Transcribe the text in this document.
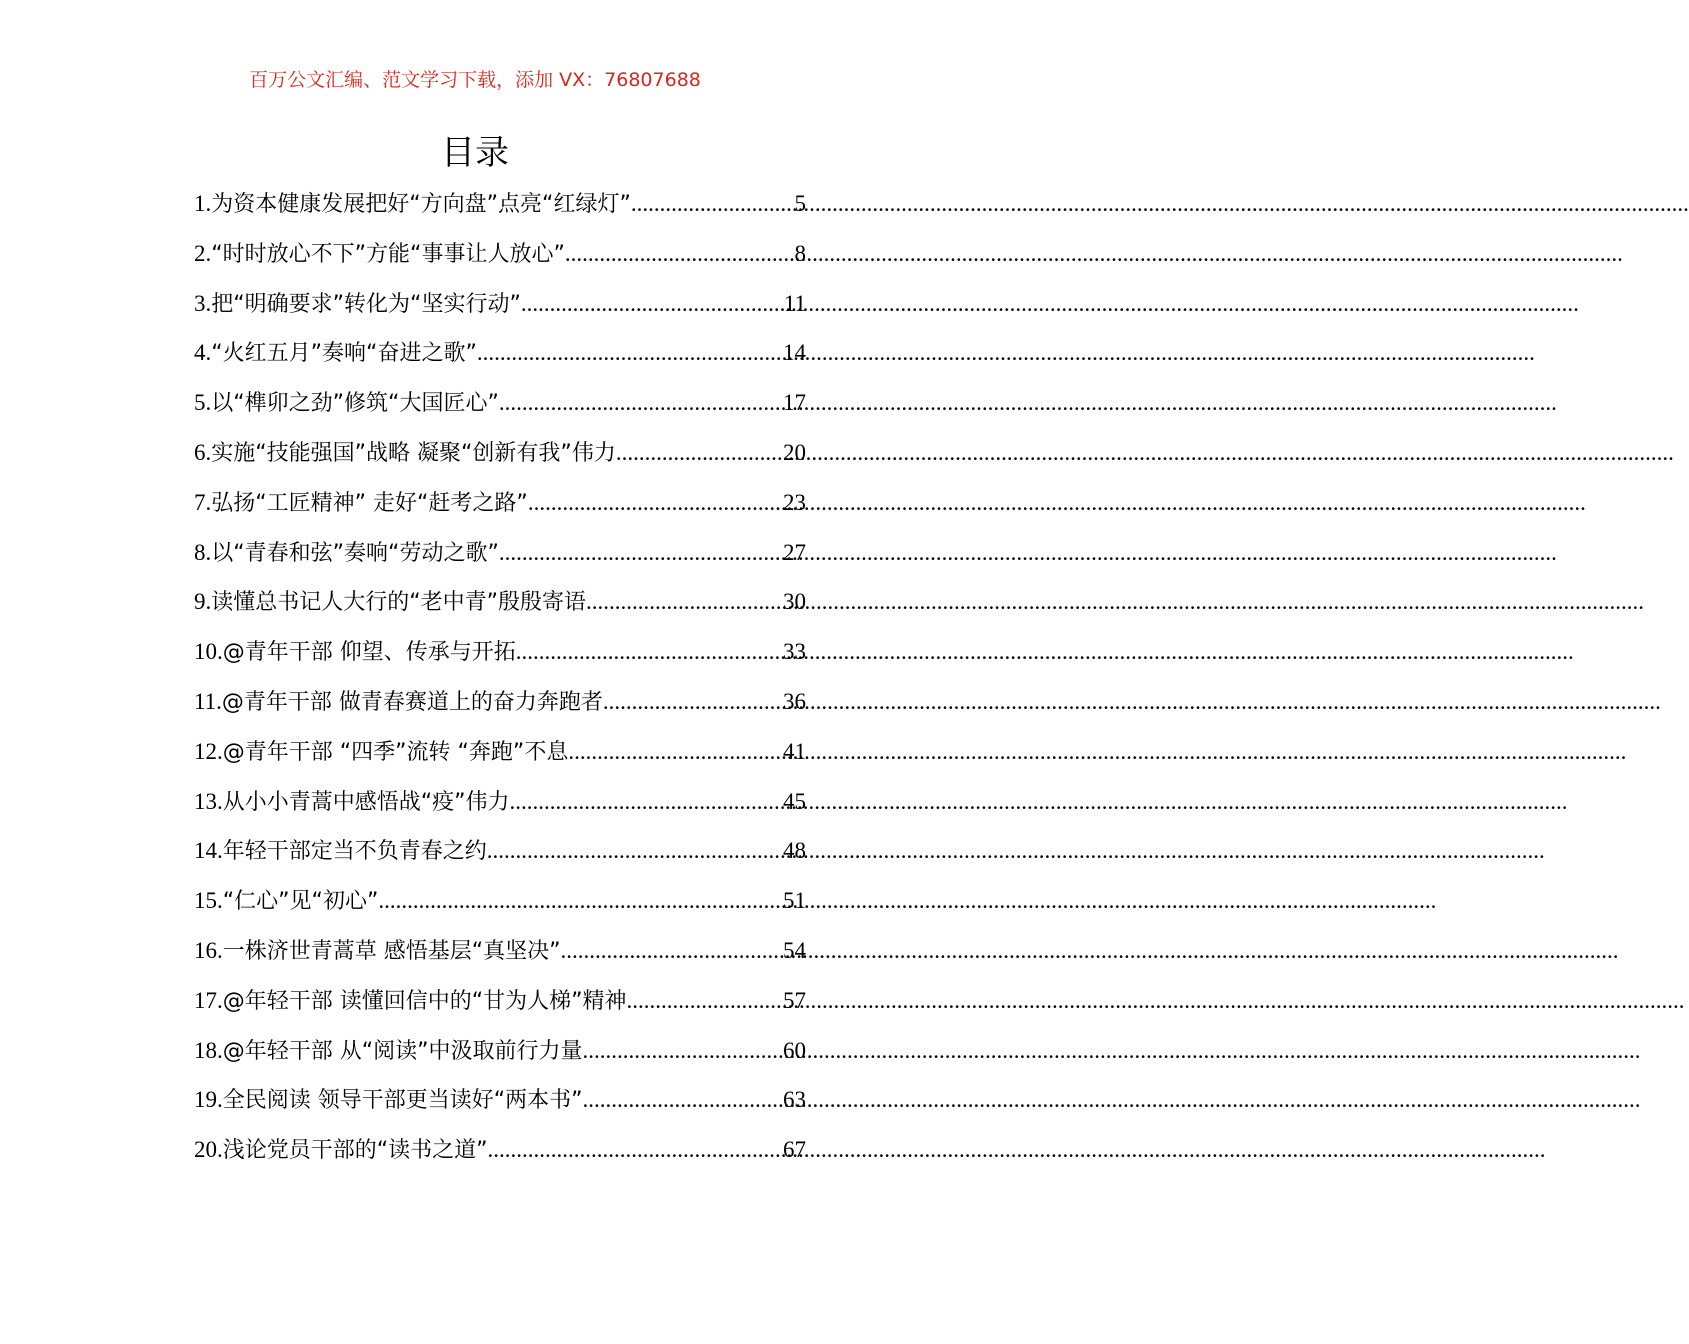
百万公文汇编、范文学习下载，添加 VX：76807688
目录
1. 为资本健康发展把好“方向盘”点亮“红绿灯” .....	5
2. “时时放心不下”方能“事事让人放心” .....	8
3. 把“明确要求”转化为“坚实行动” .....	11
4. “火红五月”奏响“奋进之歌” .....	14
5. 以“榫卯之劲”修筑“大国匠心” .....	17
6. 实施“技能强国”战略 凝聚“创新有我”伟力 .....	20
7. 弘扬“工匠精神” 走好“赶考之路” .....	23
8. 以“青春和弦”奏响“劳动之歌” .....	27
9. 读懂总书记人大行的“老中青”殷殷寄语 .....	30
10. @青年干部 仰望、传承与开拓 .....	33
11. @青年干部 做青春赛道上的奋力奔跑者 .....	36
12. @青年干部 “四季”流转 “奔跑”不息 .....	41
13. 从小小青蒿中感悟战“疫”伟力 .....	45
14. 年轻干部定当不负青春之约 .....	48
15. “仁心”见“初心” .....	51
16. 一株济世青蒿草 感悟基层“真坚决” .....	54
17. @年轻干部 读懂回信中的“甘为人梯”精神 .....	57
18. @年轻干部 从“阅读”中汲取前行力量 .....	60
19. 全民阅读 领导干部更当读好“两本书” .....	63
20. 浅论党员干部的“读书之道” .....	67
